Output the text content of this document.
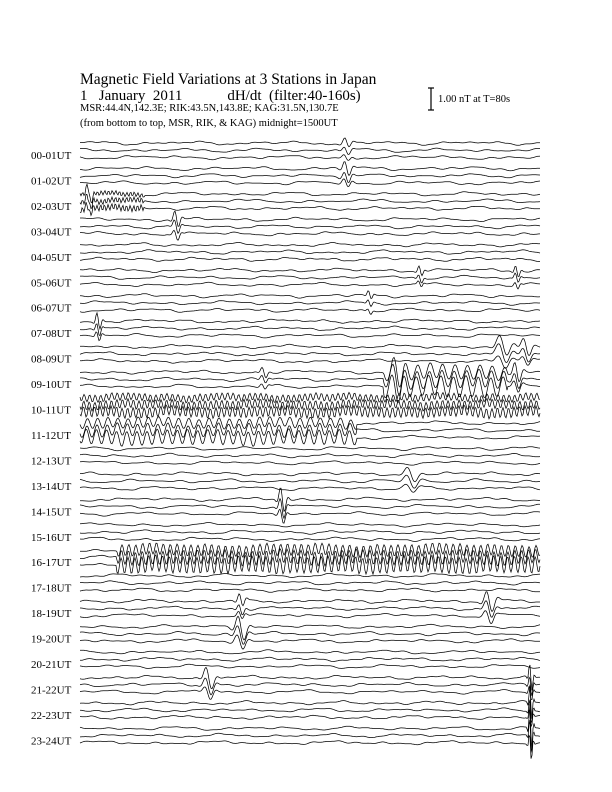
Magnetic Field Variations at 3 Stations in Japan
1   January  2011            dH/dt  (filter:40-160s)
MSR:44.4N,142.3E; RIK:43.5N,143.8E; KAG:31.5N,130.7E
(from bottom to top, MSR, RIK, & KAG) midnight=1500UT
1.00 nT at T=80s
00-01UT
01-02UT
02-03UT
03-04UT
04-05UT
05-06UT
06-07UT
07-08UT
08-09UT
09-10UT
10-11UT
11-12UT
12-13UT
13-14UT
14-15UT
15-16UT
16-17UT
17-18UT
18-19UT
19-20UT
20-21UT
21-22UT
22-23UT
23-24UT
